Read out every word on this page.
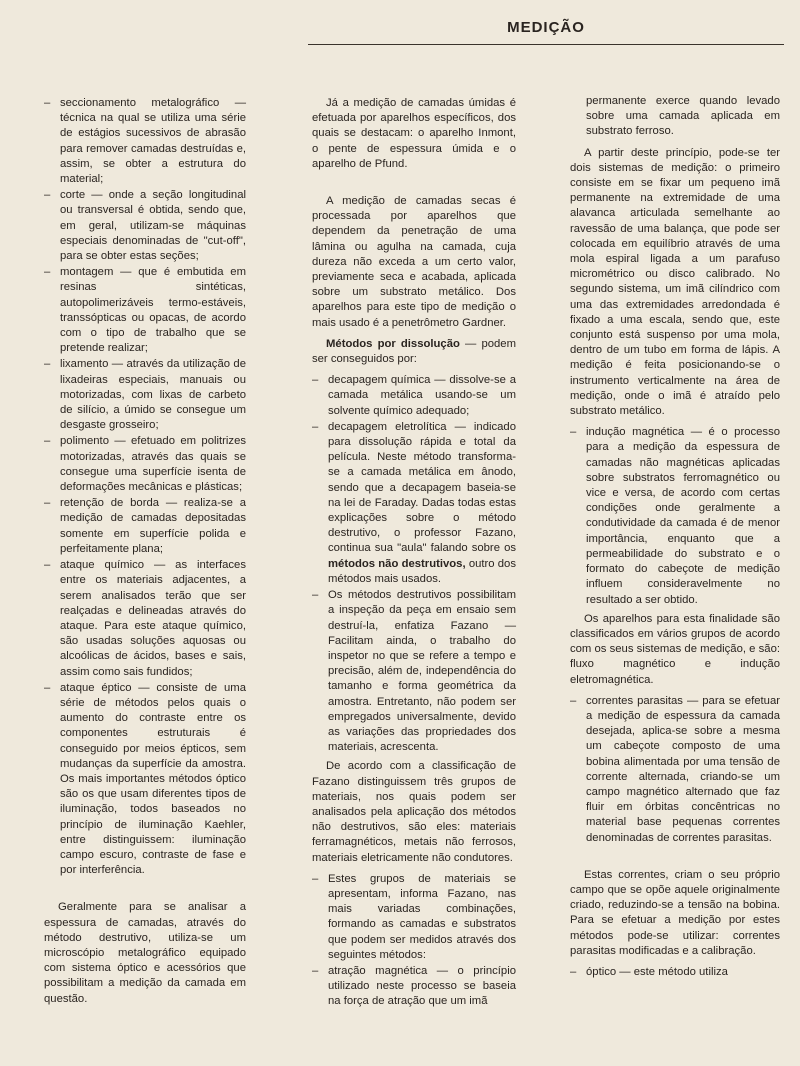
MEDIÇÃO
– seccionamento metalográfico — técnica na qual se utiliza uma série de estágios sucessivos de abrasão para remover camadas destruídas e, assim, se obter a estrutura do material;
– corte — onde a seção longitudinal ou transversal é obtida, sendo que, em geral, utilizam-se máquinas especiais denominadas de "cut-off", para se obter estas seções;
– montagem — que é embutida em resinas sintéticas, autopolimerizáveis termo-estáveis, transsópticas ou opacas, de acordo com o tipo de trabalho que se pretende realizar;
– lixamento — através da utilização de lixadeiras especiais, manuais ou motorizadas, com lixas de carbeto de silício, a úmido se consegue um desgaste grosseiro;
– polimento — efetuado em politrizes motorizadas, através das quais se consegue uma superfície isenta de deformações mecânicas e plásticas;
– retenção de borda — realiza-se a medição de camadas depositadas somente em superfície polida e perfeitamente plana;
– ataque químico — as interfaces entre os materiais adjacentes, a serem analisados terão que ser realçadas e delineadas através do ataque. Para este ataque químico, são usadas soluções aquosas ou alcoólicas de ácidos, bases e sais, assim como sais fundidos;
– ataque éptico — consiste de uma série de métodos pelos quais o aumento do contraste entre os componentes estruturais é conseguido por meios épticos, sem mudanças da superfície da amostra. Os mais importantes métodos óptico são os que usam diferentes tipos de iluminação, todos baseados no princípio de iluminação Kaehler, entre distinguissem: iluminação campo escuro, contraste de fase e por interferência.

Geralmente para se analisar a espessura de camadas, através do método destrutivo, utiliza-se um microscópio metalográfico equipado com sistema óptico e acessórios que possibilitam a medição da camada em questão.

Já a medição de camadas úmidas é efetuada por aparelhos específicos, dos quais se destacam: o aparelho Inmont, o pente de espessura úmida e o aparelho de Pfund.

A medição de camadas secas é processada por aparelhos que dependem da penetração de uma lâmina ou agulha na camada, cuja dureza não exceda a um certo valor, previamente seca e acabada, aplicada sobre um substrato metálico. Dos aparelhos para este tipo de medição o mais usado é a penetrômetro Gardner.

Métodos por dissolução — podem ser conseguidos por:

– decapagem química — dissolve-se a camada metálica usando-se um solvente químico adequado;
– decapagem eletrolítica — indicado para dissolução rápida e total da película. Neste método transforma-se a camada metálica em ânodo, sendo que a decapagem baseia-se na lei de Faraday. Dadas todas estas explicações sobre o método destrutivo, o professor Fazano, continua sua "aula" falando sobre os métodos não destrutivos, outro dos métodos mais usados.
– Os métodos destrutivos possibilitam a inspeção da peça em ensaio sem destruí-la, enfatiza Fazano — Facilitam ainda, o trabalho do inspetor no que se refere a tempo e precisão, além de, independência do tamanho e forma geométrica da amostra. Entretanto, não podem ser empregados universalmente, devido as variações das propriedades dos materiais, acrescenta.

De acordo com a classificação de Fazano distinguissem três grupos de materiais, nos quais podem ser analisados pela aplicação dos métodos não destrutivos, são eles: materiais ferramagnéticos, metais não ferrosos, materiais eletricamente não condutores.

– Estes grupos de materiais se apresentam, informa Fazano, nas mais variadas combinações, formando as camadas e substratos que podem ser medidos através dos seguintes métodos:
– atração magnética — o princípio utilizado neste processo se baseia na força de atração que um imã

permanente exerce quando levado sobre uma camada aplicada em substrato ferroso.

A partir deste princípio, pode-se ter dois sistemas de medição: o primeiro consiste em se fixar um pequeno imã permanente na extremidade de uma alavanca articulada semelhante ao ravessão de uma balança, que pode ser colocada em equilíbrio através de uma mola espiral ligada a um parafuso micrométrico ou disco calibrado. No segundo sistema, um imã cilíndrico com uma das extremidades arredondada é fixado a uma escala, sendo que, este conjunto está suspenso por uma mola, dentro de um tubo em forma de lápis. A medição é feita posicionando-se o instrumento verticalmente na área de medição, onde o imã é atraído pelo substrato metálico.

– indução magnética — é o processo para a medição da espessura de camadas não magnéticas aplicadas sobre substratos ferromagnético ou vice e versa, de acordo com certas condições onde geralmente a condutividade da camada é de menor importância, enquanto que a permeabilidade do substrato e o formato do cabeçote de medição influem consideravelmente no resultado a ser obtido.

Os aparelhos para esta finalidade são classificados em vários grupos de acordo com os seus sistemas de medição, e são: fluxo magnético e indução eletromagnética.

– correntes parasitas — para se efetuar a medição de espessura da camada desejada, aplica-se sobre a mesma um cabeçote composto de uma bobina alimentada por uma tensão de corrente alternada, criando-se um campo magnético alternado que faz fluir em órbitas concêntricas no material base pequenas correntes denominadas de correntes parasitas.

Estas correntes, criam o seu próprio campo que se opõe aquele originalmente criado, reduzindo-se a tensão na bobina. Para se efetuar a medição por estes métodos pode-se utilizar: correntes parasitas modificadas e a calibração.

– óptico — este método utiliza
